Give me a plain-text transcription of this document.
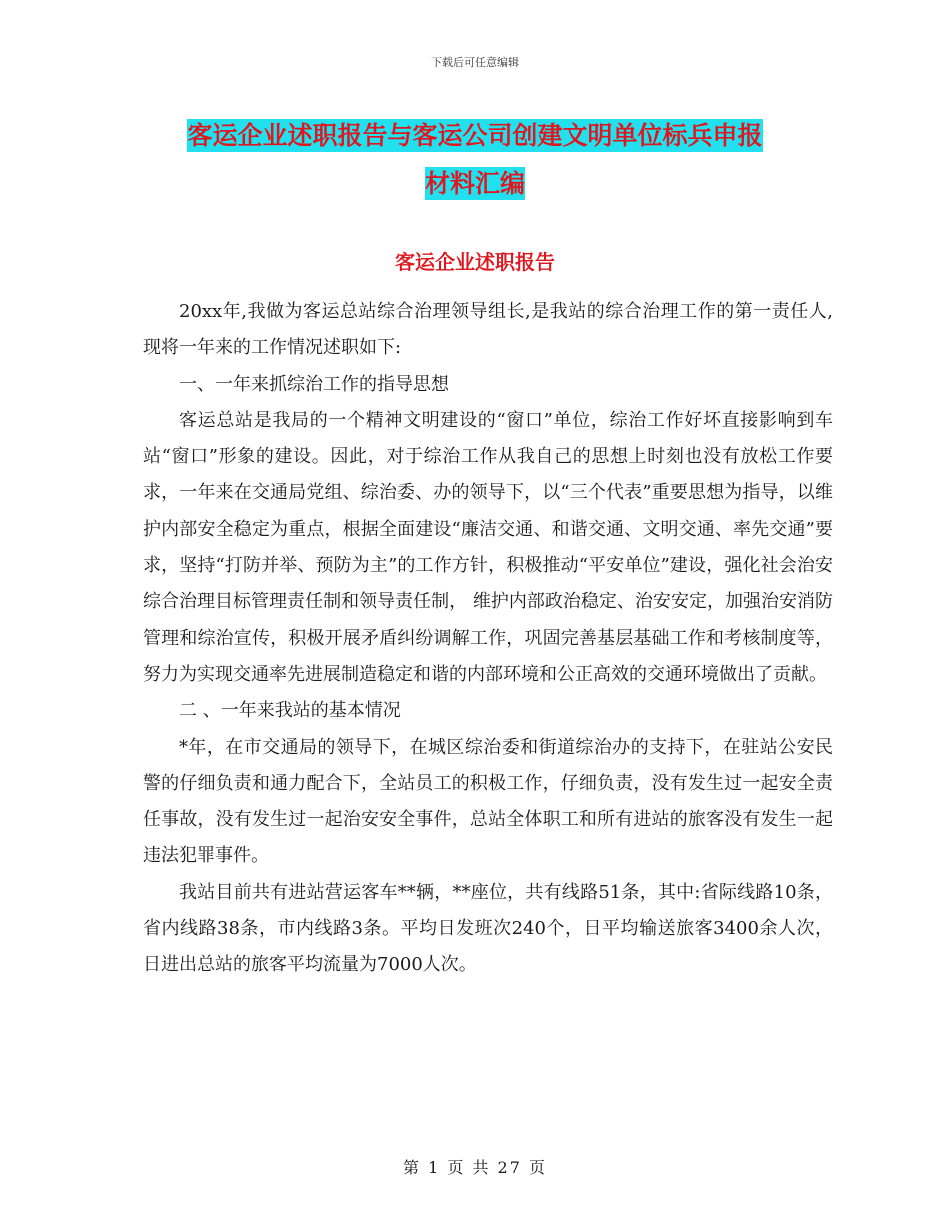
下载后可任意编辑
客运企业述职报告与客运公司创建文明单位标兵申报
材料汇编
客运企业述职报告

20xx年,我做为客运总站综合治理领导组长,是我站的综合治理工作的第一责任人,现将一年来的工作情况述职如下:

一、一年来抓综治工作的指导思想

客运总站是我局的一个精神文明建设的“窗口”单位，综治工作好坏直接影响到车站“窗口”形象的建设。因此，对于综治工作从我自己的思想上时刻也没有放松工作要求，一年来在交通局党组、综治委、办的领导下，以“三个代表”重要思想为指导，以维护内部安全稳定为重点，根据全面建设“廉洁交通、和谐交通、文明交通、率先交通”要求，坚持“打防并举、预防为主”的工作方针，积极推动“平安单位”建设，强化社会治安综合治理目标管理责任制和领导责任制， 维护内部政治稳定、治安安定，加强治安消防管理和综治宣传，积极开展矛盾纠纷调解工作，巩固完善基层基础工作和考核制度等，努力为实现交通率先进展制造稳定和谐的内部环境和公正高效的交通环境做出了贡献。

二 、一年来我站的基本情况

*年，在市交通局的领导下，在城区综治委和街道综治办的支持下，在驻站公安民警的仔细负责和通力配合下，全站员工的积极工作，仔细负责，没有发生过一起安全责任事故，没有发生过一起治安安全事件，总站全体职工和所有进站的旅客没有发生一起违法犯罪事件。

我站目前共有进站营运客车**辆，**座位，共有线路51条，其中:省际线路10条，省内线路38条，市内线路3条。平均日发班次240个，日平均输送旅客3400余人次，日进出总站的旅客平均流量为7000人次。

第 1 页 共 27 页
